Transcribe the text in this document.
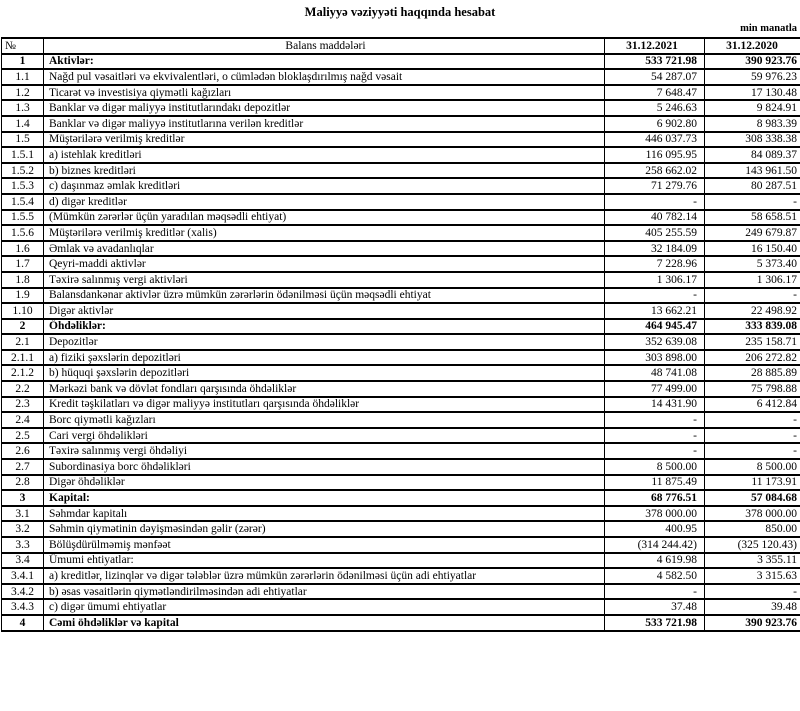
Maliyyə vəziyyəti haqqında hesabat
min manatla
№	Balans maddələri	31.12.2021	31.12.2020
1	Aktivlər:	533 721.98	390 923.76
1.1	Nağd pul vəsaitləri və ekvivalentləri, o cümlədən bloklaşdırılmış nağd vəsait	54 287.07	59 976.23
1.2	Ticarət və investisiya qiymətli kağızları	7 648.47	17 130.48
1.3	Banklar və digər maliyyə institutlarındakı depozitlər	5 246.63	9 824.91
1.4	Banklar və digər maliyyə institutlarına verilən kreditlər	6 902.80	8 983.39
1.5	Müştərilərə verilmiş kreditlər	446 037.73	308 338.38
1.5.1	a) istehlak kreditləri	116 095.95	84 089.37
1.5.2	b) biznes kreditləri	258 662.02	143 961.50
1.5.3	c) daşınmaz əmlak kreditləri	71 279.76	80 287.51
1.5.4	d) digər kreditlər	-	-
1.5.5	(Mümkün zərərlər üçün yaradılan məqsədli ehtiyat)	40 782.14	58 658.51
1.5.6	Müştərilərə verilmiş kreditlər (xalis)	405 255.59	249 679.87
1.6	Əmlak və avadanlıqlar	32 184.09	16 150.40
1.7	Qeyri-maddi aktivlər	7 228.96	5 373.40
1.8	Təxirə salınmış vergi aktivləri	1 306.17	1 306.17
1.9	Balansdankənar aktivlər üzrə mümkün zərərlərin ödənilməsi üçün məqsədli ehtiyat	-	-
1.10	Digər aktivlər	13 662.21	22 498.92
2	Öhdəliklər:	464 945.47	333 839.08
2.1	Depozitlər	352 639.08	235 158.71
2.1.1	a) fiziki şəxslərin depozitləri	303 898.00	206 272.82
2.1.2	b) hüquqi şəxslərin depozitləri	48 741.08	28 885.89
2.2	Mərkəzi bank və dövlət fondları qarşısında öhdəliklər	77 499.00	75 798.88
2.3	Kredit təşkilatları və digər maliyyə institutları qarşısında öhdəliklər	14 431.90	6 412.84
2.4	Borc qiymətli kağızları	-	-
2.5	Cari vergi öhdəlikləri	-	-
2.6	Təxirə salınmış vergi öhdəliyi	-	-
2.7	Subordinasiya borc öhdəlikləri	8 500.00	8 500.00
2.8	Digər öhdəliklər	11 875.49	11 173.91
3	Kapital:	68 776.51	57 084.68
3.1	Səhmdar kapitalı	378 000.00	378 000.00
3.2	Səhmin qiymətinin dəyişməsindən gəlir (zərər)	400.95	850.00
3.3	Bölüşdürülməmiş mənfəət	(314 244.42)	(325 120.43)
3.4	Ümumi ehtiyatlar:	4 619.98	3 355.11
3.4.1	a) kreditlər, lizinqlər və digər tələblər üzrə mümkün zərərlərin ödənilməsi üçün adi ehtiyatlar	4 582.50	3 315.63
3.4.2	b) əsas vəsaitlərin qiymətləndirilməsindən adi ehtiyatlar	-	-
3.4.3	c) digər ümumi ehtiyatlar	37.48	39.48
4	Cəmi öhdəliklər və kapital	533 721.98	390 923.76
